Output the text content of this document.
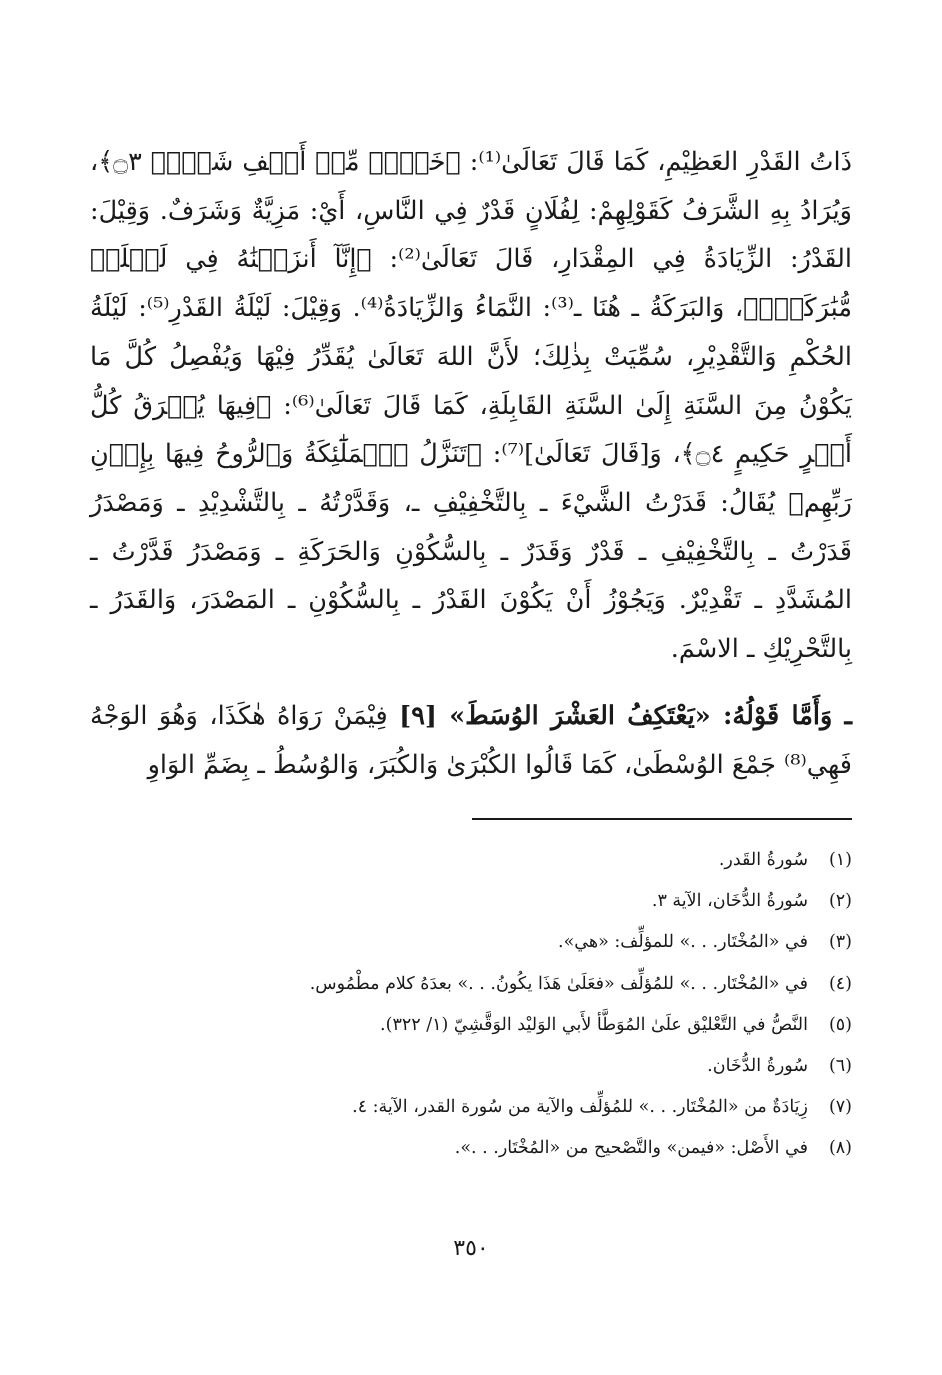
ذَاتُ القَدْرِ العَظِيْمِ، كَمَا قَالَ تَعَالَىٰ⁽¹⁾: ﴿خَيۡرٞ مِّنۡ أَلۡفِ شَهۡرٖ ۝٣﴾، وَيُرَادُ بِهِ الشَّرَفُ كَقَوْلِهِمْ: لِفُلَانٍ قَدْرٌ فِي النَّاسِ، أَيْ: مَزِيَّةٌ وَشَرَفٌ. وَقِيْلَ: القَدْرُ: الزِّيَادَةُ فِي المِقْدَارِ، قَالَ تَعَالَىٰ⁽²⁾: ﴿إِنَّآ أَنزَلۡنَٰهُ فِي لَيۡلَةٖ مُّبَٰرَكَةٍۚ﴾، وَالبَرَكَةُ ـ هُنَا ـ⁽³⁾: النَّمَاءُ وَالزِّيَادَةُ⁽⁴⁾. وَقِيْلَ: لَيْلَةُ القَدْرِ⁽⁵⁾: لَيْلَةُ الحُكْمِ وَالتَّقْدِيْرِ، سُمِّيَتْ بِذٰلِكَ؛ لأَنَّ اللهَ تَعَالَىٰ يُقَدِّرُ فِيْهَا وَيُفْصِلُ كُلَّ مَا يَكُوْنُ مِنَ السَّنَةِ إِلَىٰ السَّنَةِ القَابِلَةِ، كَمَا قَالَ تَعَالَىٰ⁽⁶⁾: ﴿فِيهَا يُفۡرَقُ كُلُّ أَمۡرٍ حَكِيمٍ ۝٤﴾، وَ[قَالَ تَعَالَىٰ]⁽⁷⁾: ﴿تَنَزَّلُ ٱلۡمَلَٰٓئِكَةُ وَٱلرُّوحُ فِيهَا بِإِذۡنِ رَبِّهِم﴾ يُقَالُ: قَدَرْتُ الشَّيْءَ ـ بِالتَّخْفِيْفِ ـ، وَقَدَّرْتُهُ ـ بِالتَّشْدِيْدِ ـ وَمَصْدَرُ قَدَرْتُ ـ بِالتَّخْفِيْفِ ـ قَدْرٌ وَقَدَرٌ ـ بِالسُّكُوْنِ وَالحَرَكَةِ ـ وَمَصْدَرُ قَدَّرْتُ ـ المُشَدَّدِ ـ تَقْدِيْرٌ. وَيَجُوْزُ أَنْ يَكُوْنَ القَدْرُ ـ بِالسُّكُوْنِ ـ المَصْدَرَ، وَالقَدَرُ ـ بِالتَّحْرِيْكِ ـ الاسْمَ.

ـ وَأَمَّا قَوْلُهُ: «يَعْتَكِفُ العَشْرَ الوُسَطَ» [٩] فِيْمَنْ رَوَاهُ هٰكَذَا، وَهُوَ الوَجْهُ فَهِي⁽⁸⁾ جَمْعَ الوُسْطَىٰ، كَمَا قَالُوا الكُبْرَىٰ وَالكُبَرَ، وَالوُسُطُ ـ بِضَمِّ الوَاوِ

(١)
سُورةُ القَدر.
(٢)
سُورةُ الدُّخَان، الآية ٣.
(٣)
في «المُخْتَار. . .» للمؤلِّف: «هي».
(٤)
في «المُخْتَار. . .» للمُؤلِّف «فعَلَىٰ هَذَا يكُونُ. . .» بعدَهُ كلام مطْمُوس.
(٥)
النَّصُّ في التَّعْليْق علَىٰ المُوَطَّأ لأَبي الوَليْد الوَقَّشِيّ (١/ ٣٢٢).
(٦)
سُورةُ الدُّخَان.
(٧)
زِيَادَةٌ من «المُخْتَار. . .» للمُؤلِّف والآية من سُورة القدر، الآية: ٤.
(٨)
في الأَصْل: «فيمن» والتَّصْحيح من «المُخْتَار. . .».
٣٥٠
